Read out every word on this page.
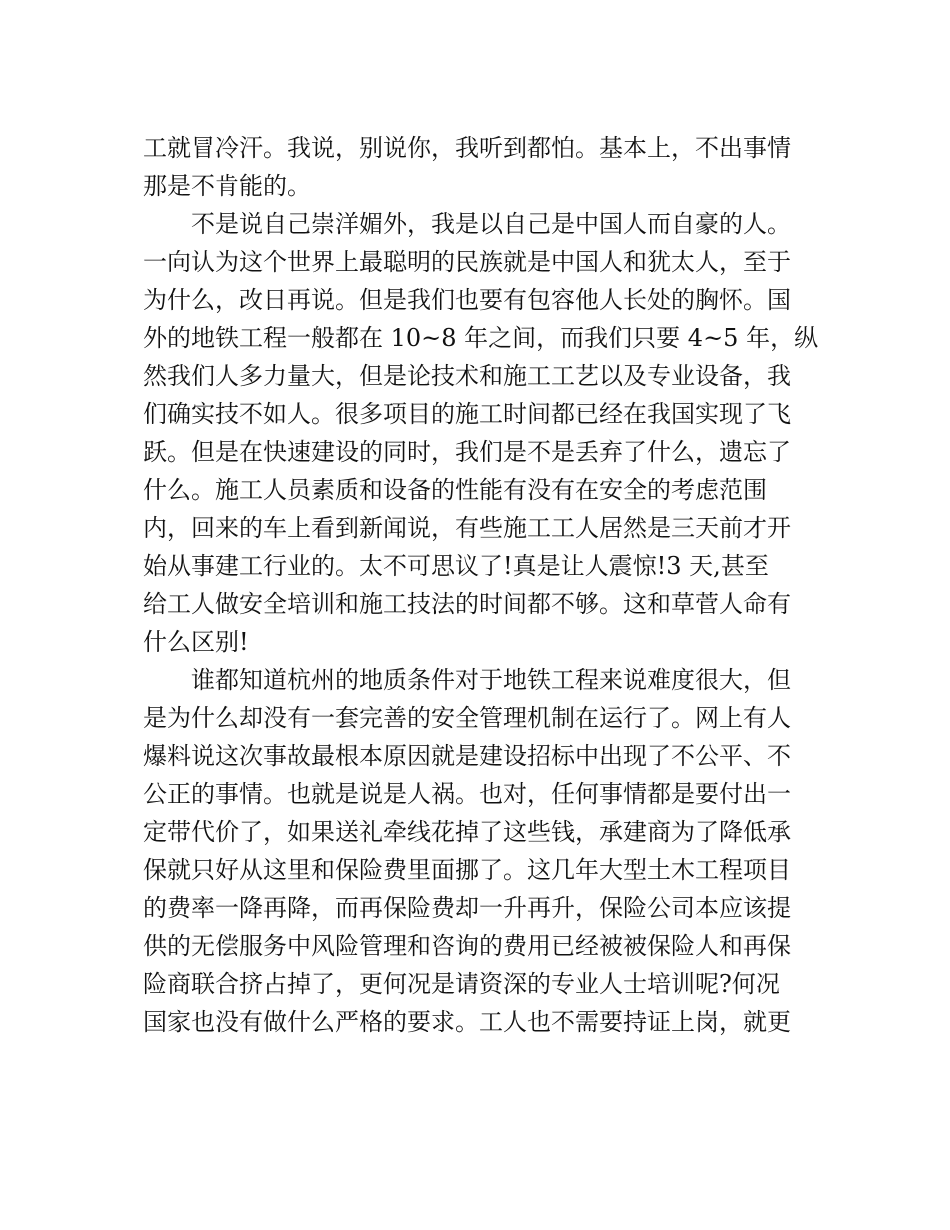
工就冒冷汗。我说，别说你，我听到都怕。基本上，不出事情
那是不肯能的。
不是说自己崇洋媚外，我是以自己是中国人而自豪的人。
一向认为这个世界上最聪明的民族就是中国人和犹太人，至于
为什么，改日再说。但是我们也要有包容他人长处的胸怀。国
外的地铁工程一般都在 10~8 年之间，而我们只要 4~5 年，纵
然我们人多力量大，但是论技术和施工工艺以及专业设备，我
们确实技不如人。很多项目的施工时间都已经在我国实现了飞
跃。但是在快速建设的同时，我们是不是丢弃了什么，遗忘了
什么。施工人员素质和设备的性能有没有在安全的考虑范围
内，回来的车上看到新闻说，有些施工工人居然是三天前才开
始从事建工行业的。太不可思议了!真是让人震惊!3 天,甚至
给工人做安全培训和施工技法的时间都不够。这和草菅人命有
什么区别!
谁都知道杭州的地质条件对于地铁工程来说难度很大，但
是为什么却没有一套完善的安全管理机制在运行了。网上有人
爆料说这次事故最根本原因就是建设招标中出现了不公平、不
公正的事情。也就是说是人祸。也对，任何事情都是要付出一
定带代价了，如果送礼牵线花掉了这些钱，承建商为了降低承
保就只好从这里和保险费里面挪了。这几年大型土木工程项目
的费率一降再降，而再保险费却一升再升，保险公司本应该提
供的无偿服务中风险管理和咨询的费用已经被被保险人和再保
险商联合挤占掉了，更何况是请资深的专业人士培训呢?何况
国家也没有做什么严格的要求。工人也不需要持证上岗，就更
